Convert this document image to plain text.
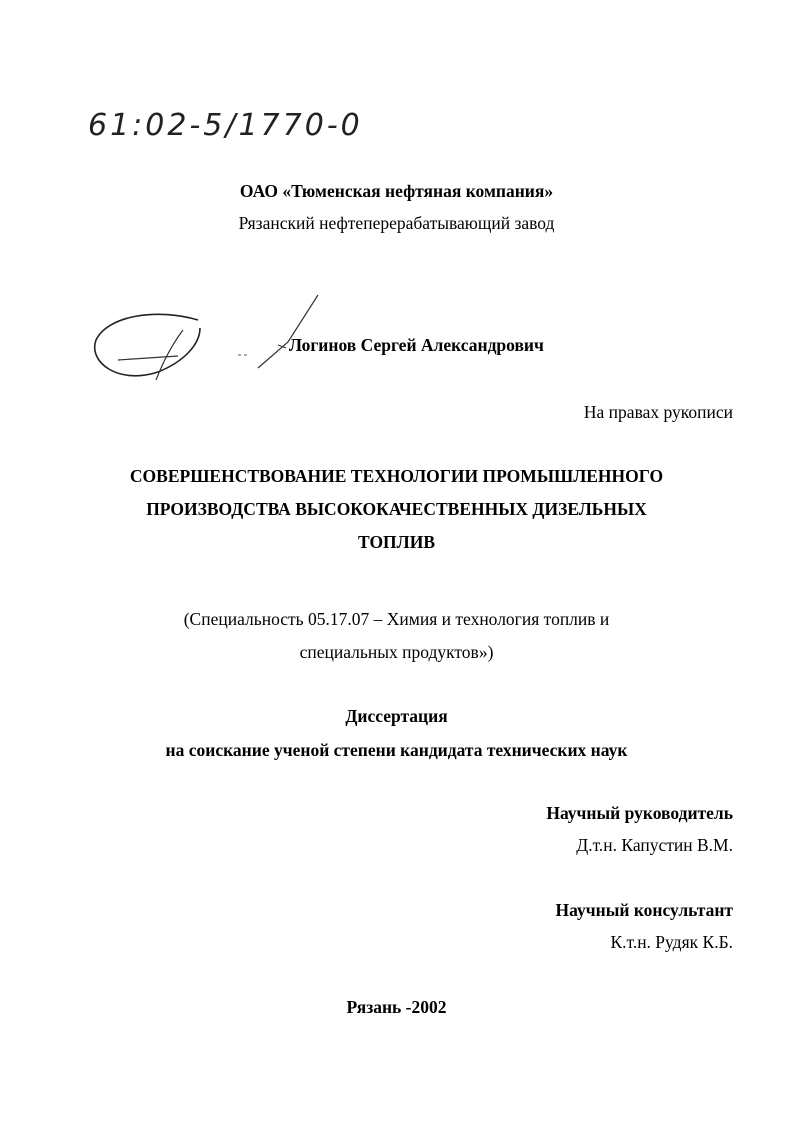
61:02-5/1770-0
ОАО «Тюменская нефтяная компания»
Рязанский нефтеперерабатывающий завод
Логинов Сергей Александрович
На правах рукописи
СОВЕРШЕНСТВОВАНИЕ ТЕХНОЛОГИИ ПРОМЫШЛЕННОГО
ПРОИЗВОДСТВА ВЫСОКОКАЧЕСТВЕННЫХ ДИЗЕЛЬНЫХ
ТОПЛИВ
(Специальность 05.17.07 – Химия и технология топлив и
специальных продуктов»)
Диссертация
на соискание ученой степени кандидата технических наук
Научный руководитель
Д.т.н. Капустин В.М.
Научный консультант
К.т.н. Рудяк К.Б.
Рязань -2002
